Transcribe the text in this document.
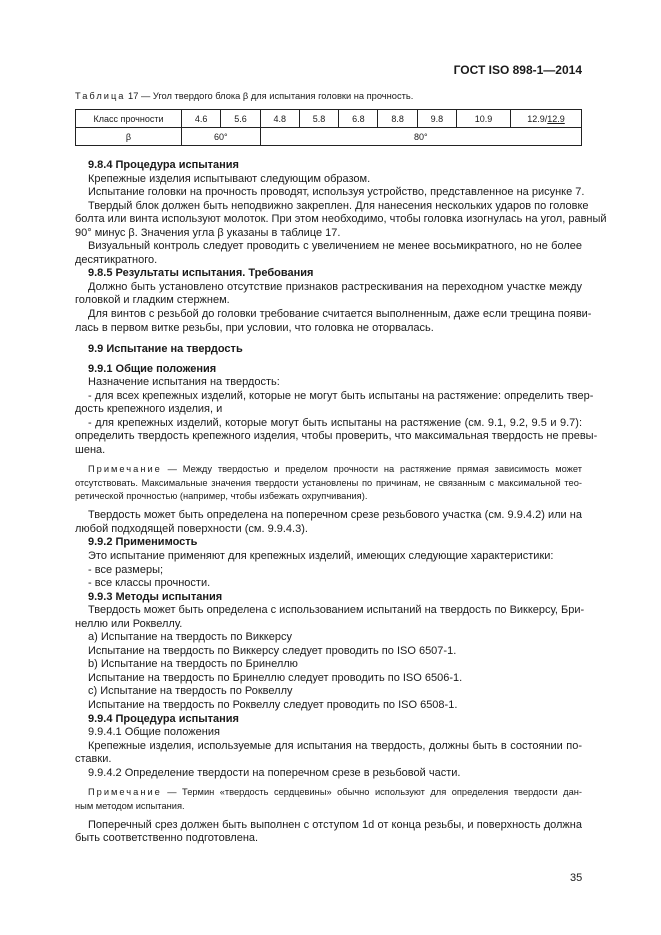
ГОСТ ISO 898-1—2014
Таблица 17 — Угол твердого блока β для испытания головки на прочность.
Класс прочности	4.6	5.6	4.8	5.8	6.8	8.8	9.8	10.9	12.9/12.9
β	60°		80°						
9.8.4 Процедура испытания
Крепежные изделия испытывают следующим образом.
Испытание головки на прочность проводят, используя устройство, представленное на рисунке 7.
Твердый блок должен быть неподвижно закреплен. Для нанесения нескольких ударов по головке
болта или винта используют молоток. При этом необходимо, чтобы головка изогнулась на угол, равный
90° минус β. Значения угла β указаны в таблице 17.
Визуальный контроль следует проводить с увеличением не менее восьмикратного, но не более
десятикратного.
9.8.5 Результаты испытания. Требования
Должно быть установлено отсутствие признаков растрескивания на переходном участке между
головкой и гладким стержнем.
Для винтов с резьбой до головки требование считается выполненным, даже если трещина появи-
лась в первом витке резьбы, при условии, что головка не оторвалась.
9.9 Испытание на твердость
9.9.1 Общие положения
Назначение испытания на твердость:
- для всех крепежных изделий, которые не могут быть испытаны на растяжение: определить твер-
дость крепежного изделия, и
- для крепежных изделий, которые могут быть испытаны на растяжение (см. 9.1, 9.2, 9.5 и 9.7):
определить твердость крепежного изделия, чтобы проверить, что максимальная твердость не превы-
шена.
Примечание — Между твердостью и пределом прочности на растяжение прямая зависимость может
отсутствовать. Максимальные значения твердости установлены по причинам, не связанным с максимальной тео-
ретической прочностью (например, чтобы избежать охрупчивания).
Твердость может быть определена на поперечном срезе резьбового участка (см. 9.9.4.2) или на
любой подходящей поверхности (см. 9.9.4.3).
9.9.2 Применимость
Это испытание применяют для крепежных изделий, имеющих следующие характеристики:
- все размеры;
- все классы прочности.
9.9.3 Методы испытания
Твердость может быть определена с использованием испытаний на твердость по Виккерсу, Бри-
неллю или Роквеллу.
a) Испытание на твердость по Виккерсу
Испытание на твердость по Виккерсу следует проводить по ISO 6507-1.
b) Испытание на твердость по Бринеллю
Испытание на твердость по Бринеллю следует проводить по ISO 6506-1.
c) Испытание на твердость по Роквеллу
Испытание на твердость по Роквеллу следует проводить по ISO 6508-1.
9.9.4 Процедура испытания
9.9.4.1 Общие положения
Крепежные изделия, используемые для испытания на твердость, должны быть в состоянии по-
ставки.
9.9.4.2 Определение твердости на поперечном срезе в резьбовой части.
Примечание — Термин «твердость сердцевины» обычно используют для определения твердости дан-
ным методом испытания.
Поперечный срез должен быть выполнен с отступом 1d от конца резьбы, и поверхность должна
быть соответственно подготовлена.
35
